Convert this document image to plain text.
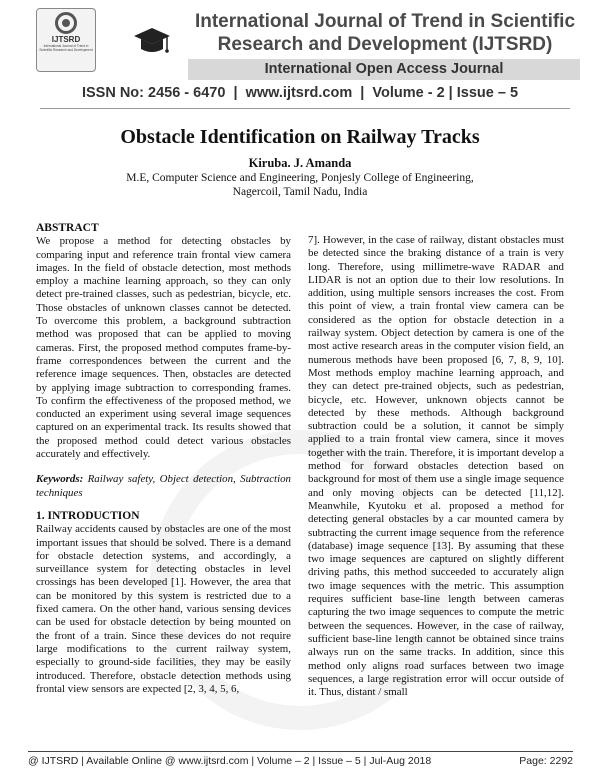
IJTSRD
International Journal of Trend in Scientific Research and Development
International Journal of Trend in Scientific
Research and Development (IJTSRD)
International Open Access Journal
ISSN No: 2456 - 6470  |  www.ijtsrd.com  |  Volume - 2 | Issue – 5
Obstacle Identification on Railway Tracks
Kiruba. J. Amanda
M.E, Computer Science and Engineering, Ponjesly College of Engineering,
Nagercoil, Tamil Nadu, India
ABSTRACT

We propose a method for detecting obstacles by comparing input and reference train frontal view camera images. In the field of obstacle detection, most methods employ a machine learning approach, so they can only detect pre-trained classes, such as pedestrian, bicycle, etc. Those obstacles of unknown classes cannot be detected. To overcome this problem, a background subtraction method was proposed that can be applied to moving cameras. First, the proposed method computes frame-by-frame correspondences between the current and the reference image sequences. Then, obstacles are detected by applying image subtraction to corresponding frames. To confirm the effectiveness of the proposed method, we conducted an experiment using several image sequences captured on an experimental track. Its results showed that the proposed method could detect various obstacles accurately and effectively.

Keywords: Railway safety, Object detection, Subtraction techniques

1. INTRODUCTION

Railway accidents caused by obstacles are one of the most important issues that should be solved. There is a demand for obstacle detection systems, and accordingly, a surveillance system for detecting obstacles in level crossings has been developed [1]. However, the area that can be monitored by this system is restricted due to a fixed camera. On the other hand, various sensing devices can be used for obstacle detection by being mounted on the front of a train. Since these devices do not require large modifications to the current railway system, especially to ground-side facilities, they may be easily introduced. Therefore, obstacle detection methods using frontal view sensors are expected [2, 3, 4, 5, 6,

7]. However, in the case of railway, distant obstacles must be detected since the braking distance of a train is very long. Therefore, using millimetre-wave RADAR and LIDAR is not an option due to their low resolutions. In addition, using multiple sensors increases the cost. From this point of view, a train frontal view camera can be considered as the option for obstacle detection in a railway system. Object detection by camera is one of the most active research areas in the computer vision field, an numerous methods have been proposed [6, 7, 8, 9, 10]. Most methods employ machine learning approach, and they can detect pre-trained objects, such as pedestrian, bicycle, etc. However, unknown objects cannot be detected by these methods. Although background subtraction could be a solution, it cannot be simply applied to a train frontal view camera, since it moves together with the train. Therefore, it is important develop a method for forward obstacles detection based on background for most of them use a single image sequence and only moving objects can be detected [11,12]. Meanwhile, Kyutoku et al. proposed a method for detecting general obstacles by a car mounted camera by subtracting the current image sequence from the reference (database) image sequence [13]. By assuming that these two image sequences are captured on slightly different driving paths, this method succeeded to accurately align two image sequences with the metric. This assumption requires sufficient base-line length between cameras capturing the two image sequences to compute the metric between the sequences. However, in the case of railway, sufficient base-line length cannot be obtained since trains always run on the same tracks. In addition, since this method only aligns road surfaces between two image sequences, a large registration error will occur outside of it. Thus, distant / small

@ IJTSRD | Available Online @ www.ijtsrd.com | Volume – 2 | Issue – 5 | Jul-Aug 2018	Page: 2292
